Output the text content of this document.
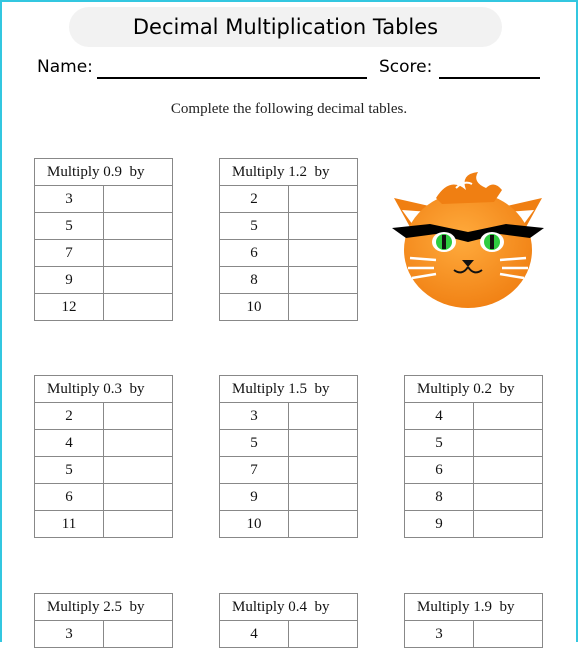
Decimal Multiplication Tables
Name:	Score:
Complete the following decimal tables.
Multiply 0.9  by
3
5
7
9
12
Multiply 1.2  by
2
5
6
8
10
Multiply 0.3  by
2
4
5
6
11
Multiply 1.5  by
3
5
7
9
10
Multiply 0.2  by
4
5
6
8
9
Multiply 2.5  by
3
Multiply 0.4  by
4
Multiply 1.9  by
3
